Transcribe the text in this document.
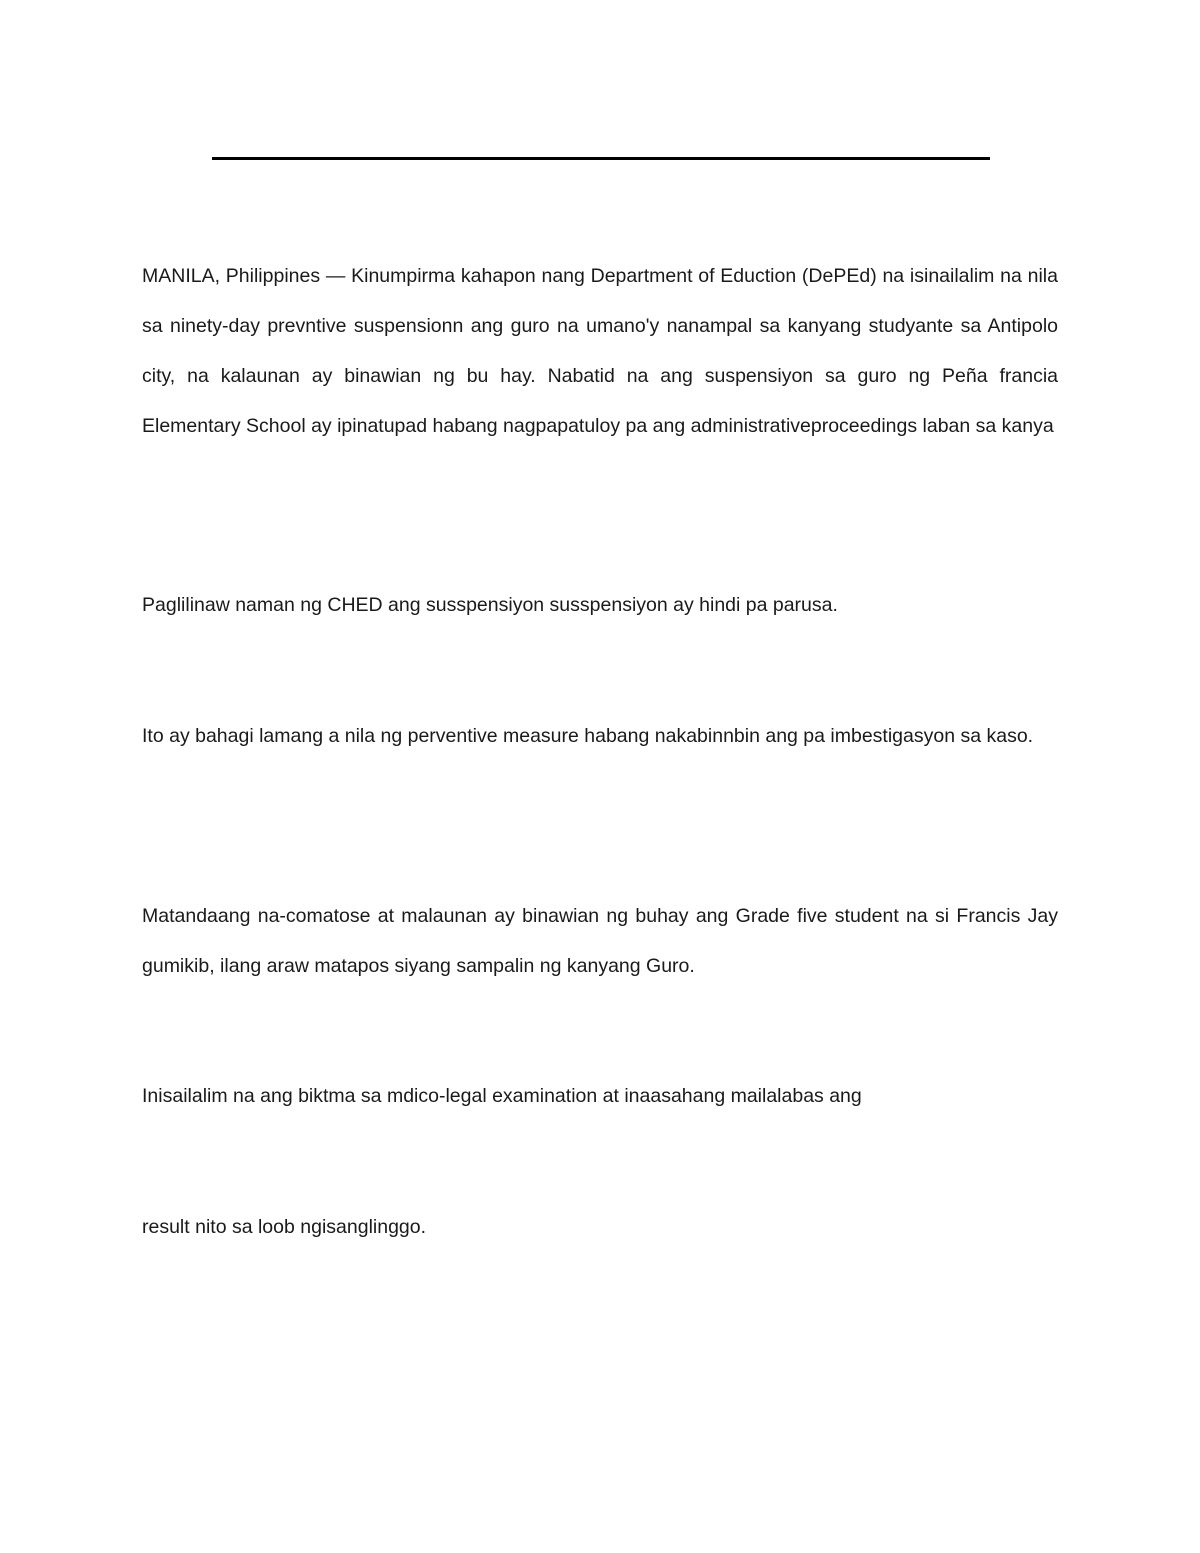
MANILA, Philippines — Kinumpirma kahapon nang Department of Eduction (DePEd) na isinailalim na nila sa ninety-day prevntive suspensionn ang guro na umano'y nanampal sa kanyang studyante sa Antipolo city, na kalaunan ay binawian ng bu hay. Nabatid na ang suspensiyon sa guro ng Peña francia Elementary School ay ipinatupad habang nagpapatuloy pa ang administrativeproceedings laban sa kanya

Paglilinaw naman ng CHED ang susspensiyon susspensiyon ay hindi pa parusa.

Ito ay bahagi lamang a nila ng perventive measure habang nakabinnbin ang pa imbestigasyon sa kaso.

Matandaang na-comatose at malaunan ay binawian ng buhay ang Grade five student na si Francis Jay gumikib, ilang araw matapos siyang sampalin ng kanyang Guro.

Inisailalim na ang biktma sa mdico-legal examination at inaasahang mailalabas ang

result nito sa loob ngisanglinggo.
